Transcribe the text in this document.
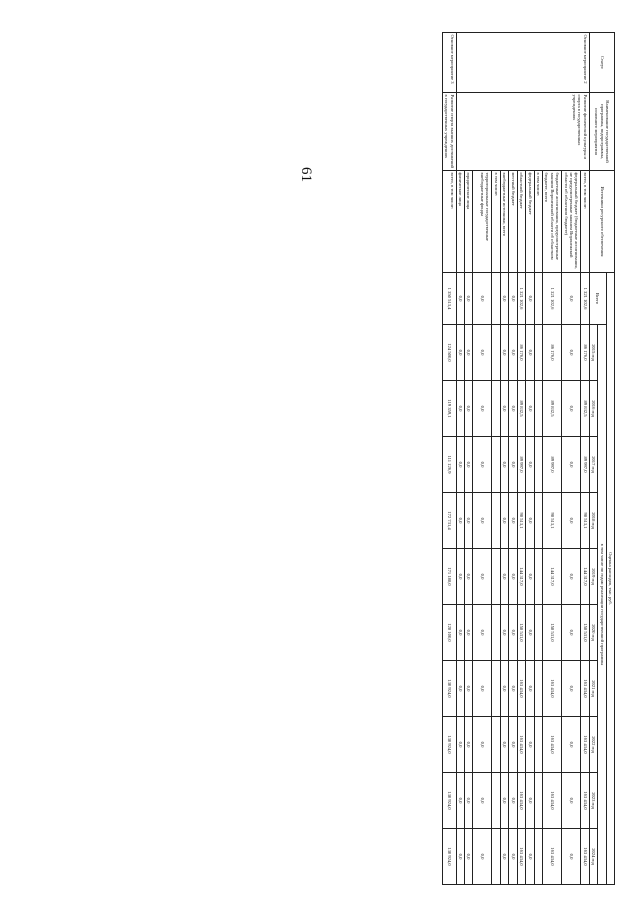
61
Статус	Наименование государственной программы, подпрограммы, основного мероприятия	Источники ресурсного обеспечения	Оценка расходов, тыс. руб.										
			Всего	в том числе по годам реализации государственной программы									
				2015 год	2016 год	2017 год	2018 год	2019 год	2020 год	2021 год	2022 год	2023 год	2024 год
Основное мероприятие 2	Развитие физической культуры и спорта в государственных учреждениях	всего, в том числе:	1 321 102,6	86 176,0	89 832,5	89 997,0	98 513,1	144 317,0	158 531,0	163 434,0	163 434,0	163 434,0	163 434,0
		федеральный бюджет (бюджетные ассигнования, не предусмотренные законом Воронежской области об областном бюджете)	0,0	0,0	0,0	0,0	0,0	0,0	0,0	0,0	0,0	0,0	0,0
		бюджетные ассигнования, предусмотренные законом Воронежской области об областном бюджете, всего	1 321 102,6	86 176,0	89 832,5	89 997,0	98 513,1	144 317,0	158 531,0	163 434,0	163 434,0	163 434,0	163 434,0
		в том числе:											
		федеральный бюджет	0,0	0,0	0,0	0,0	0,0	0,0	0,0	0,0	0,0	0,0	0,0
		областной бюджет	1 321 102,6	86 176,0	89 832,5	89 997,0	98 513,1	144 317,0	158 531,0	163 434,0	163 434,0	163 434,0	163 434,0
		местный бюджет	0,0	0,0	0,0	0,0	0,0	0,0	0,0	0,0	0,0	0,0	0,0
		внебюджетные источники, всего	0,0	0,0	0,0	0,0	0,0	0,0	0,0	0,0	0,0	0,0	0,0
		в том числе:											
		территориальные государственные внебюджетные фонды	0,0	0,0	0,0	0,0	0,0	0,0	0,0	0,0	0,0	0,0	0,0
		юридические лица	0,0	0,0	0,0	0,0	0,0	0,0	0,0	0,0	0,0	0,0	0,0
		физические лица	0,0	0,0	0,0	0,0	0,0	0,0	0,0	0,0	0,0	0,0	0,0
Основное мероприятие 3	Развитие спорта высших достижений в государственных учреждениях	всего, в том числе:	1 350 513,4	124 500,0	119 359,1	111 126,9	172 731,4	171 188,0	128 100,0	130 924,0	130 924,0	130 924,0	130 924,0
